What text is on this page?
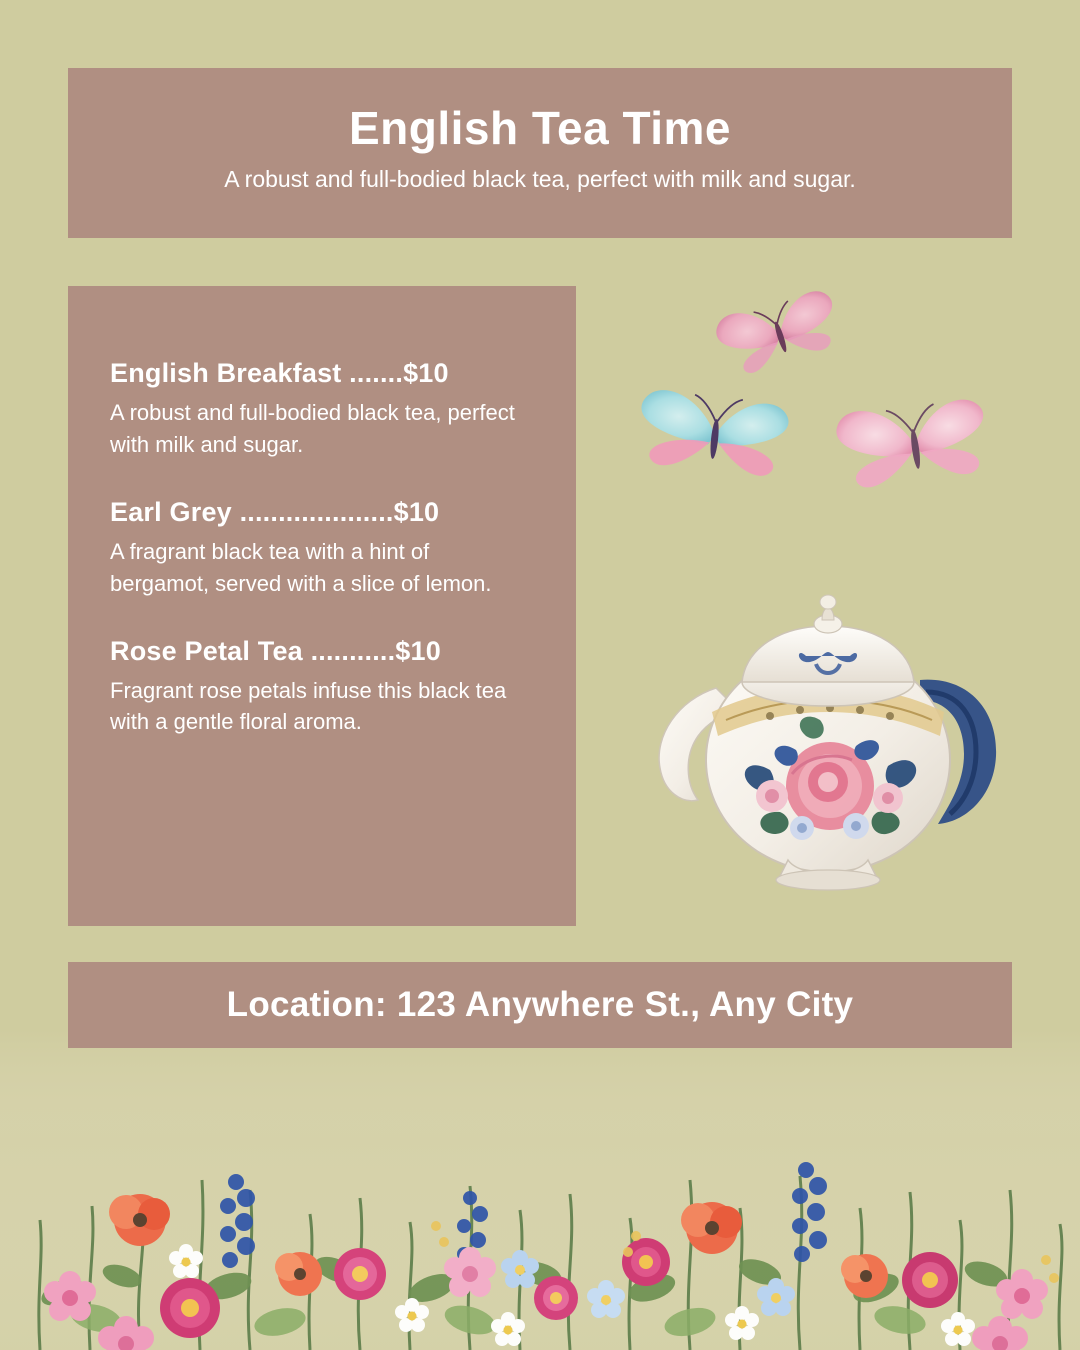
English Tea Time
A robust and full-bodied black tea, perfect with milk and sugar.
English Breakfast .......$10
A robust and full-bodied black tea, perfect with milk and sugar.
Earl Grey ....................$10
A fragrant black tea with a hint of bergamot, served with a slice of lemon.
Rose Petal Tea ...........$10
Fragrant rose petals infuse this black tea with a gentle floral aroma.
Location: 123 Anywhere St., Any City
